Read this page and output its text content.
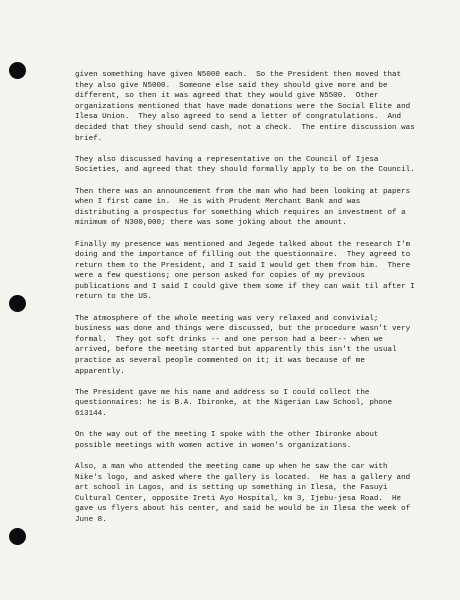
given something have given N5000 each.  So the President then moved that
they also give N5000.  Someone else said they should give more and be
different, so then it was agreed that they would give N5500.  Other
organizations mentioned that have made donations were the Social Elite and
Ilesa Union.  They also agreed to send a letter of congratulations.  And
decided that they should send cash, not a check.  The entire discussion was
brief.
They also discussed having a representative on the Council of Ijesa
Societies, and agreed that they should formally apply to be on the Council.
Then there was an announcement from the man who had been looking at papers
when I first came in.  He is with Prudent Merchant Bank and was
distributing a prospectus for something which requires an investment of a
minimum of N300,000; there was some joking about the amount.
Finally my presence was mentioned and Jegede talked about the research I'm
doing and the importance of filling out the questionnaire.  They agreed to
return them to the President, and I said I would get them from him.  There
were a few questions; one person asked for copies of my previous
publications and I said I could give them some if they can wait til after I
return to the US.
The atmosphere of the whole meeting was very relaxed and convivial;
business was done and things were discussed, but the procedure wasn't very
formal.  They got soft drinks -- and one person had a beer-- when we
arrived, before the meeting started but apparently this isn't the usual
practice as several people commented on it; it was because of me
apparently.
The President gave me his name and address so I could collect the
questionnaires: he is B.A. Ibironke, at the Nigerian Law School, phone
613144.
On the way out of the meeting I spoke with the other Ibironke about
possible meetings with women active in women's organizations.
Also, a man who attended the meeting came up when he saw the car with
Nike's logo, and asked where the gallery is located.  He has a gallery and
art school in Lagos, and is setting up something in Ilesa, the Fasuyi
Cultural Center, opposite Ireti Ayo Hospital, km 3, Ijebu-jesa Road.  He
gave us flyers about his center, and said he would be in Ilesa the week of
June 8.
